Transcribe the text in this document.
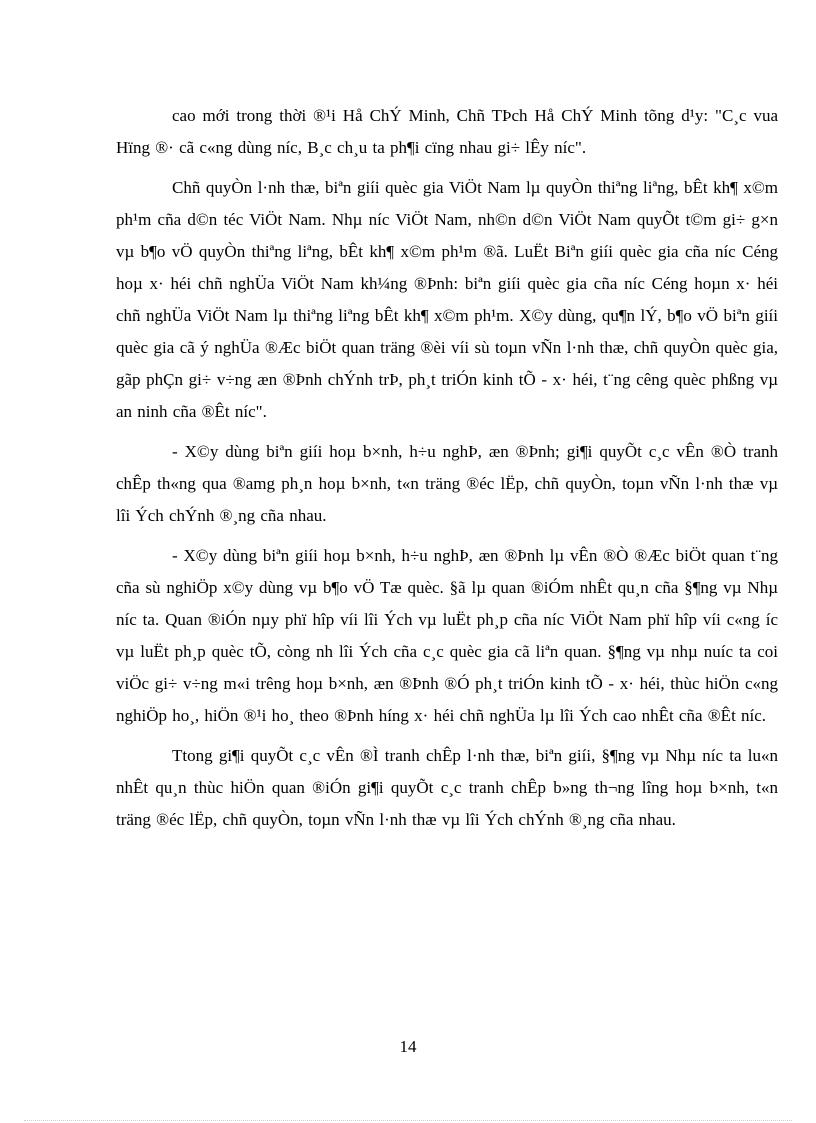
cao mới trong thời ®¹i Hå ChÝ Minh, Chñ TÞch Hå ChÝ Minh tõng d¹y: "C¸c vua Hïng ®· cã c«ng dùng níc, B¸c ch¸u ta ph¶i cïng nhau gi÷ lÊy níc".

Chñ quyÒn l·nh thæ, biªn giíi quèc gia ViÖt Nam lµ quyÒn thiªng liªng, bÊt kh¶ x©m ph¹m cña d©n téc ViÖt Nam. Nhµ níc ViÖt Nam, nh©n d©n ViÖt Nam quyÕt t©m gi÷ g×n vµ b¶o vÖ quyÒn thiªng liªng, bÊt kh¶ x©m ph¹m ®ã. LuËt Biªn giíi quèc gia cña níc Céng hoµ x· héi chñ nghÜa ViÖt Nam kh¼ng ®Þnh: biªn giíi quèc gia cña níc Céng hoµn x· héi chñ nghÜa ViÖt Nam lµ thiªng liªng bÊt kh¶ x©m ph¹m. X©y dùng, qu¶n lÝ, b¶o vÖ biªn giíi quèc gia cã ý nghÜa ®Æc biÖt quan träng ®èi víi sù toµn vÑn l·nh thæ, chñ quyÒn quèc gia, gãp phÇn gi÷ v÷ng æn ®Þnh chÝnh trÞ, ph¸t triÓn kinh tÕ - x· héi, t¨ng cêng quèc phßng vµ an ninh cña ®Êt níc".

- X©y dùng biªn giíi hoµ b×nh, h÷u nghÞ, æn ®Þnh; gi¶i quyÕt c¸c vÊn ®Ò tranh chÊp th«ng qua ®amg ph¸n hoµ b×nh, t«n träng ®éc lËp, chñ quyÒn, toµn vÑn l·nh thæ vµ lîi Ých chÝnh ®¸ng cña nhau.

- X©y dùng biªn giíi hoµ b×nh, h÷u nghÞ, æn ®Þnh lµ vÊn ®Ò ®Æc biÖt quan t¨ng cña sù nghiÖp x©y dùng vµ b¶o vÖ Tæ quèc. §ã lµ quan ®iÓm nhÊt qu¸n cña §¶ng vµ Nhµ níc ta. Quan ®iÓn nµy phï hîp víi lîi Ých vµ luËt ph¸p cña níc ViÖt Nam phï hîp víi c«ng íc vµ luËt ph¸p quèc tÕ, còng nh lîi Ých cña c¸c quèc gia cã liªn quan. §¶ng vµ nhµ nuíc ta coi viÖc gi÷ v÷ng m«i trêng hoµ b×nh, æn ®Þnh ®Ó ph¸t triÓn kinh tÕ - x· héi, thùc hiÖn c«ng nghiÖp ho¸, hiÖn ®¹i ho¸ theo ®Þnh híng x· héi chñ nghÜa lµ lîi Ých cao nhÊt cña ®Êt níc.

Ttong gi¶i quyÕt c¸c vÊn ®Ì tranh chÊp l·nh thæ, biªn giíi, §¶ng vµ Nhµ níc ta lu«n nhÊt qu¸n thùc hiÖn quan ®iÓn gi¶i quyÕt c¸c tranh chÊp b»ng th¬ng lîng hoµ b×nh, t«n träng ®éc lËp, chñ quyÒn, toµn vÑn l·nh thæ vµ lîi Ých chÝnh ®¸ng cña nhau.

14
